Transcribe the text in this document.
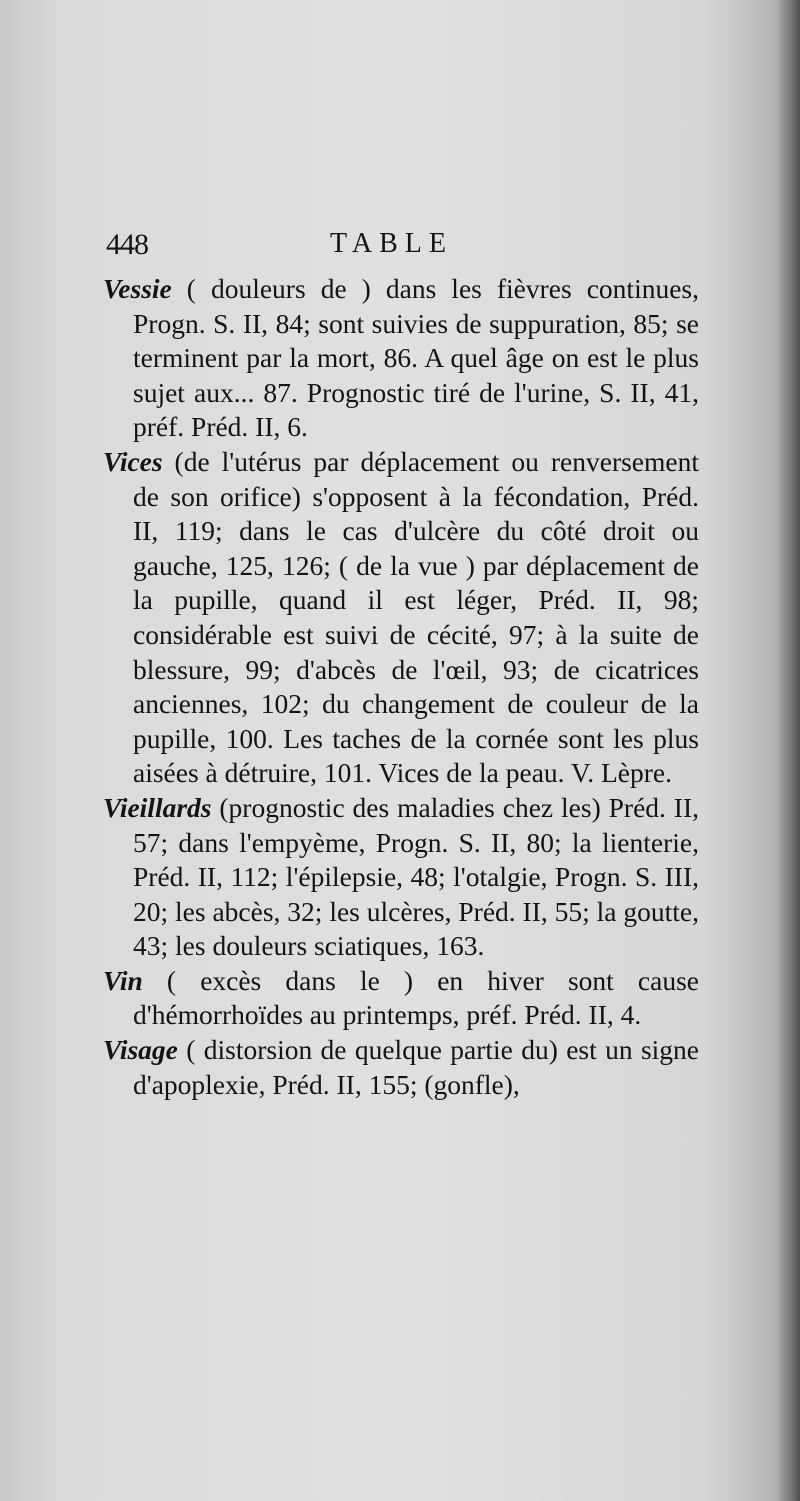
448	TABLE

Vessie ( douleurs de ) dans les fièvres continues, Progn. S. II, 84; sont suivies de suppuration, 85; se terminent par la mort, 86. A quel âge on est le plus sujet aux... 87. Prognostic tiré de l'urine, S. II, 41, préf. Préd. II, 6.

Vices (de l'utérus par déplacement ou renversement de son orifice) s'opposent à la fécondation, Préd. II, 119; dans le cas d'ulcère du côté droit ou gauche, 125, 126; ( de la vue ) par déplacement de la pupille, quand il est léger, Préd. II, 98; considérable est suivi de cécité, 97; à la suite de blessure, 99; d'abcès de l'œil, 93; de cicatrices anciennes, 102; du changement de couleur de la pupille, 100. Les taches de la cornée sont les plus aisées à détruire, 101. Vices de la peau. V. Lèpre.

Vieillards (prognostic des maladies chez les) Préd. II, 57; dans l'empyème, Progn. S. II, 80; la lienterie, Préd. II, 112; l'épilepsie, 48; l'otalgie, Progn. S. III, 20; les abcès, 32; les ulcères, Préd. II, 55; la goutte, 43; les douleurs sciatiques, 163.

Vin ( excès dans le ) en hiver sont cause d'hémorrhoïdes au printemps, préf. Préd. II, 4.

Visage ( distorsion de quelque partie du) est un signe d'apoplexie, Préd. II, 155; (gonfle),
